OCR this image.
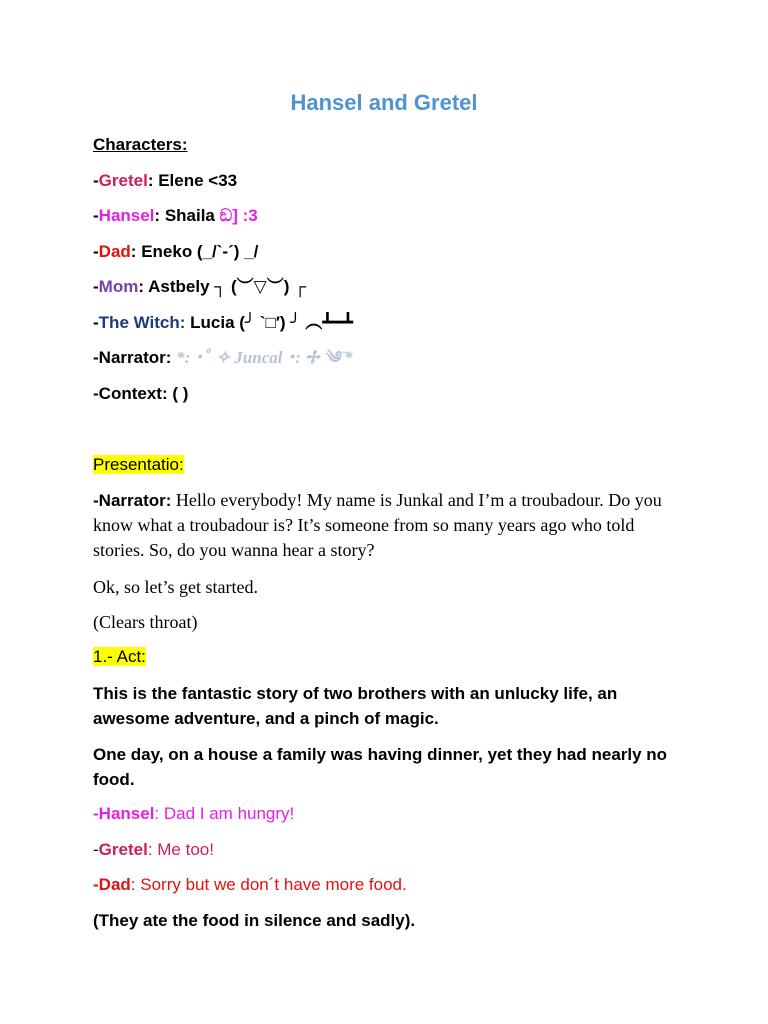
Hansel and Gretel
Characters:
-Gretel: Elene <33
-Hansel: Shaila ඞ] :3
-Dad: Eneko (_/`-´) _/
-Mom: Astbely ┐ (︶▽︶) ┌
-The Witch: Lucia (╯ `□′) ╯ ︵┻━┻
-Narrator: *: ･ﾟ ✧ Juncal ･: ✢ ༄ ̈*
-Context: ( )
Presentatio:
-Narrator: Hello everybody! My name is Junkal and I’m a troubadour. Do you know what a troubadour is? It’s someone from so many years ago who told stories. So, do you wanna hear a story?
Ok, so let’s get started.
(Clears throat)
1.- Act:
This is the fantastic story of two brothers with an unlucky life, an awesome adventure, and a pinch of magic.
One day, on a house a family was having dinner, yet they had nearly no food.
-Hansel: Dad I am hungry!
-Gretel: Me too!
-Dad: Sorry but we don´t have more food.
(They ate the food in silence and sadly).
